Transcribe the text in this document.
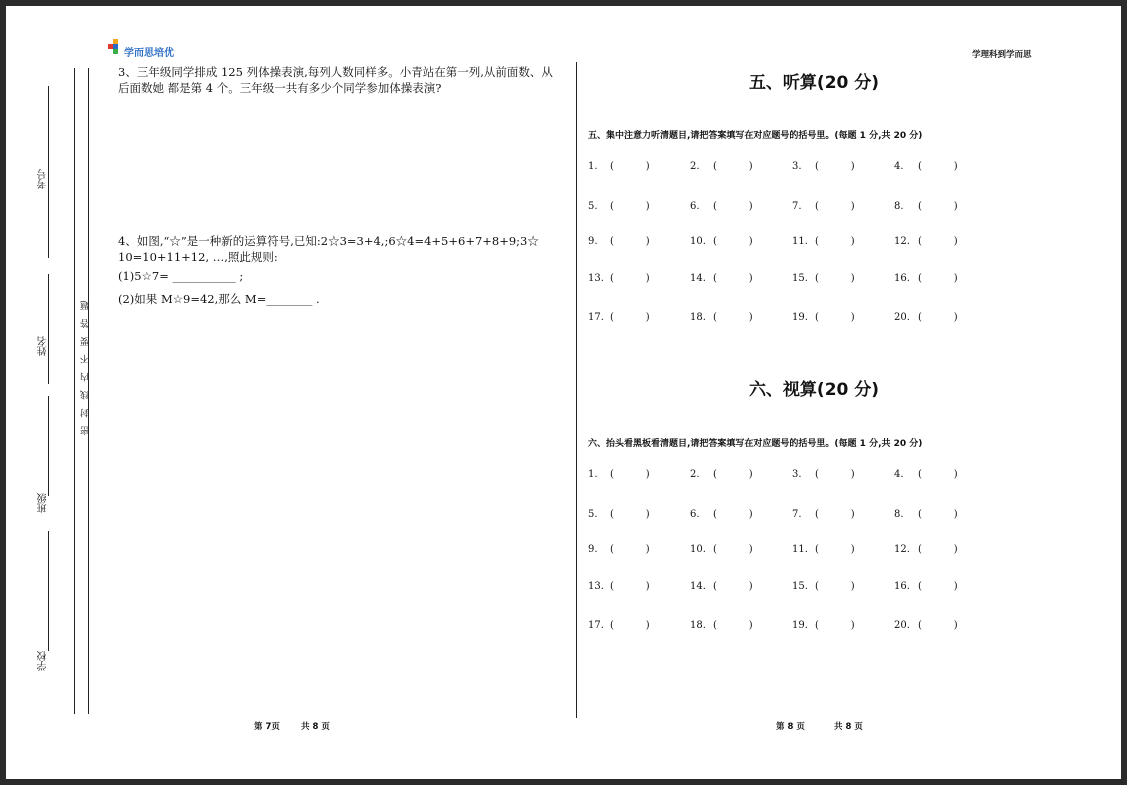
学而思培优	学理科到学而思
考号
姓名
班级
学校
密 封 线 内 不 要 答 题
3、三年级同学排成 125 列体操表演,每列人数同样多。小青站在第一列,从前面数、从
后面数她 都是第 4 个。三年级一共有多少个同学参加体操表演?
4、如图,“☆”是一种新的运算符号,已知:2☆3=3+4,;6☆4=4+5+6+7+8+9;3☆
10=10+11+12, …,照此规则:
(1)5☆7= ___________ ;
(2)如果 M☆9=42,那么 M=________ .
五、听算(20 分)
五、集中注意力听清题目,请把答案填写在对应题号的括号里。(每题 1 分,共 20 分)
1. (          )	2. (          )	3. (          )	4. (          )
5. (          )	6. (          )	7. (          )	8. (          )
9. (          )	10. (          )	11. (          )	12. (          )
13. (          )	14. (          )	15. (          )	16. (          )
17. (          )	18. (          )	19. (          )	20. (          )
六、视算(20 分)
六、抬头看黑板看清题目,请把答案填写在对应题号的括号里。(每题 1 分,共 20 分)
1. (          )	2. (          )	3. (          )	4. (          )
5. (          )	6. (          )	7. (          )	8. (          )
9. (          )	10. (          )	11. (          )	12. (          )
13. (          )	14. (          )	15. (          )	16. (          )
17. (          )	18. (          )	19. (          )	20. (          )
第 7页 共 8 页	第 8 页	共 8 页
